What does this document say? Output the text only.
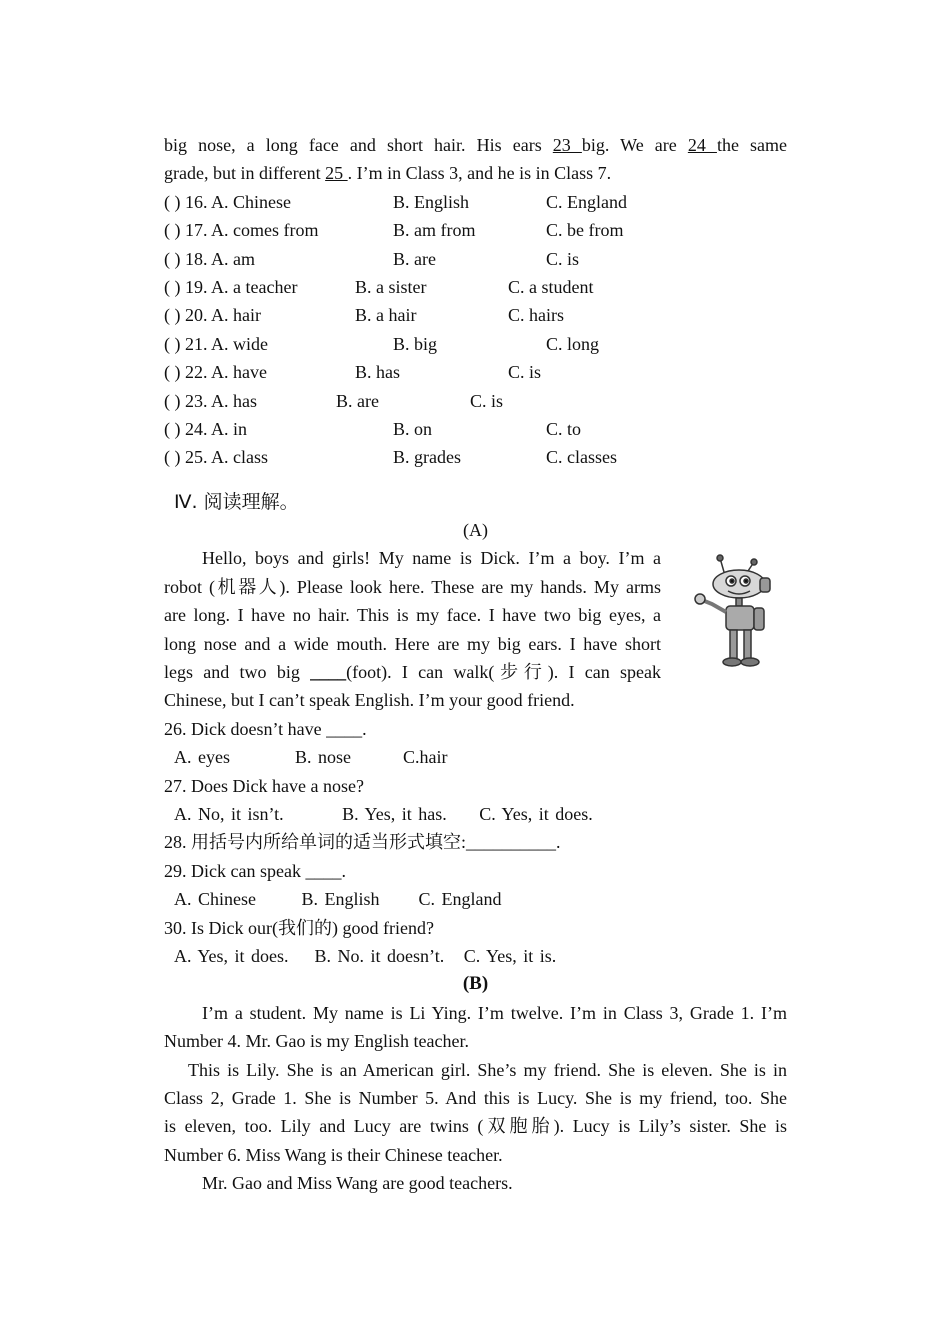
big nose, a long face and short hair. His ears 23 big. We are 24 the same
grade, but in different 25 . I’m in Class 3, and he is in Class 7.
( ) 16. A. Chinese	B. English	C. England
( ) 17. A. comes from	B. am from	C. be from
( ) 18. A. am	B. are	C. is
( ) 19. A. a teacher	B. a sister	C. a student
( ) 20. A. hair	B. a hair	C. hairs
( ) 21. A. wide	B. big	C. long
( ) 22. A. have	B. has	C. is
( ) 23. A. has	B. are	C. is
( ) 24. A. in	B. on	C. to
( ) 25. A. class	B. grades	C. classes
Ⅳ. 阅读理解。
(A)
Hello, boys and girls! My name is Dick. I’m a boy. I’m a
robot (机器人). Please look here. These are my hands. My arms
are long. I have no hair. This is my face. I have two big eyes, a
long nose and a wide mouth. Here are my big ears. I have short
legs and two big ____(foot). I can walk(步行). I can speak
Chinese, but I can’t speak English. I’m your good friend.
26. Dick doesn’t have ____.
A. eyes          B. nose        C.hair
27. Does Dick have a nose?
A. No, it isn’t.         B. Yes, it has.     C. Yes, it does.
28. 用括号内所给单词的适当形式填空:__________.
29. Dick can speak ____.
A. Chinese       B. English      C. England
30. Is Dick our(我们的) good friend?
A. Yes, it does.    B. No. it doesn’t.   C. Yes, it is.
(B)
I’m a student. My name is Li Ying. I’m twelve. I’m in Class 3, Grade 1. I’m
Number 4. Mr. Gao is my English teacher.
This is Lily. She is an American girl. She’s my friend. She is eleven. She is in
Class 2, Grade 1. She is Number 5. And this is Lucy. She is my friend, too. She
is eleven, too. Lily and Lucy are twins (双胞胎). Lucy is Lily’s sister. She is
Number 6. Miss Wang is their Chinese teacher.
Mr. Gao and Miss Wang are good teachers.
